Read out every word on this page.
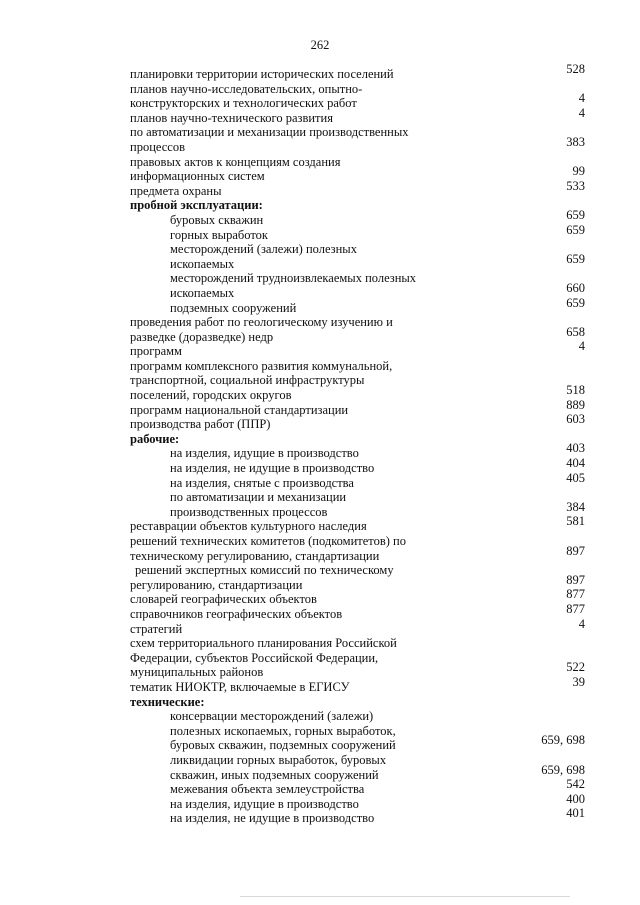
262
планировки территории исторических поселений	528
планов научно-исследовательских, опытно-
конструкторских и технологических работ	4
планов научно-технического развития	4
по автоматизации и механизации производственных
процессов	383
правовых актов к концепциям создания
информационных систем	99
предмета охраны	533
пробной эксплуатации:
буровых скважин	659
горных выработок	659
месторождений (залежи) полезных
ископаемых	659
месторождений трудноизвлекаемых полезных
ископаемых	660
подземных сооружений	659
проведения работ по геологическому изучению и
разведке (доразведке) недр	658
программ	4
программ комплексного развития коммунальной,
транспортной, социальной инфраструктуры
поселений, городских округов	518
программ национальной стандартизации	889
производства работ (ППР)	603
рабочие:
на изделия, идущие в производство	403
на изделия, не идущие в производство	404
на изделия, снятые с производства	405
по автоматизации и механизации
производственных процессов	384
реставрации объектов культурного наследия	581
решений технических комитетов (подкомитетов) по
техническому регулированию, стандартизации	897
решений экспертных комиссий по техническому
регулированию, стандартизации	897
словарей географических объектов	877
справочников географических объектов	877
стратегий	4
схем территориального планирования Российской
Федерации, субъектов Российской Федерации,
муниципальных районов	522
тематик НИОКТР, включаемые в ЕГИСУ	39
технические:
консервации месторождений (залежи)
полезных ископаемых, горных выработок,
буровых скважин, подземных сооружений	659, 698
ликвидации горных выработок, буровых
скважин, иных подземных сооружений	659, 698
межевания объекта землеустройства	542
на изделия, идущие в производство	400
на изделия, не идущие в производство	401
